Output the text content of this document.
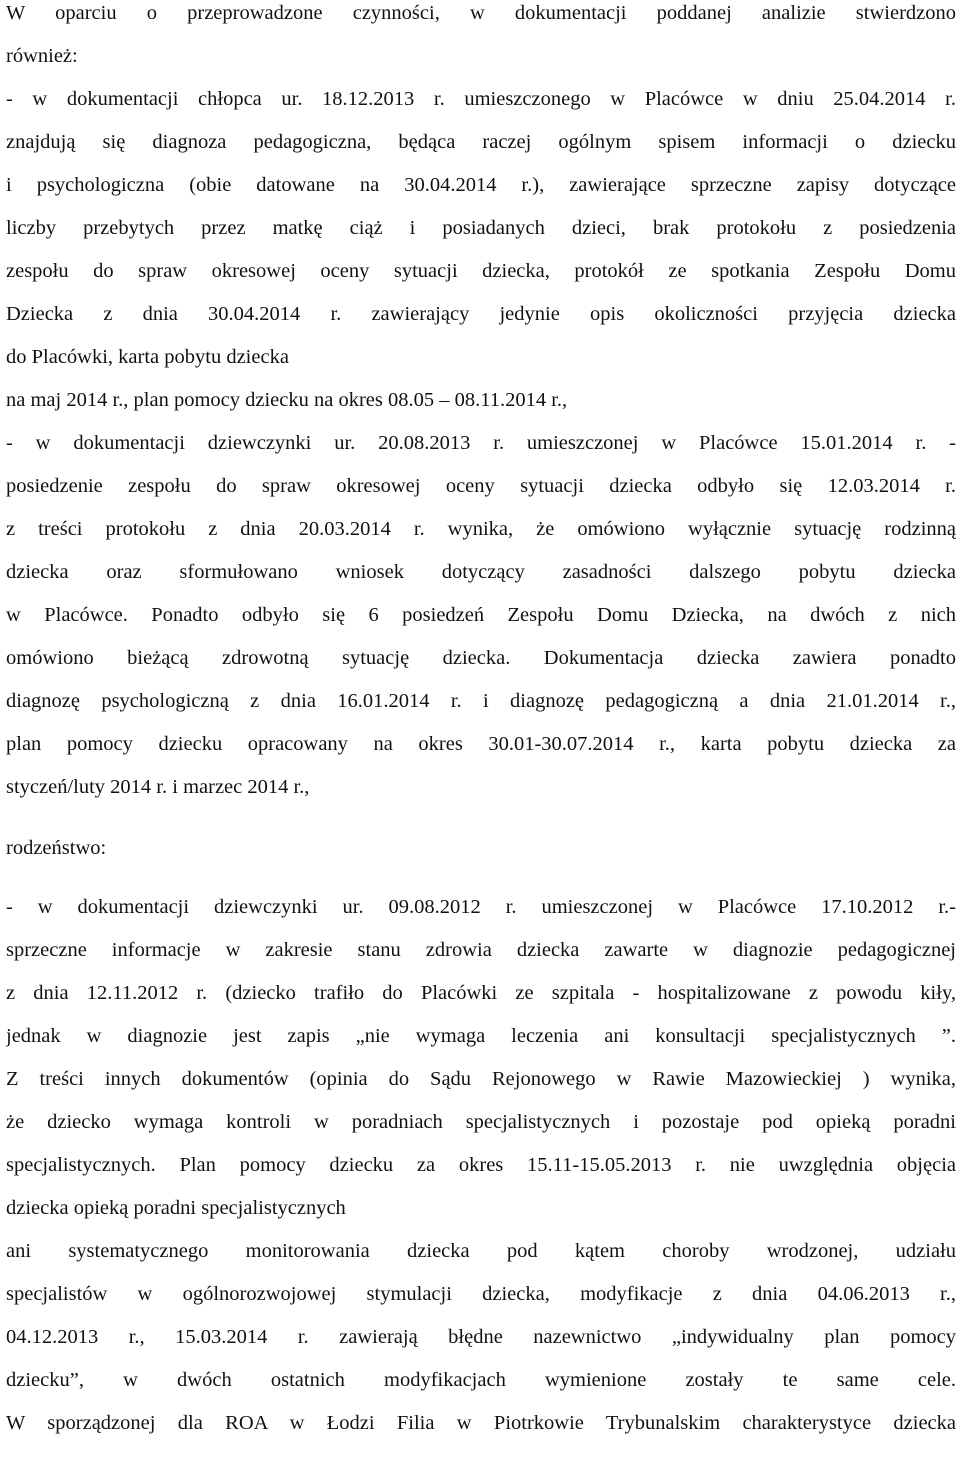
W oparciu o przeprowadzone czynności, w dokumentacji poddanej analizie stwierdzono
również:
- w dokumentacji chłopca ur. 18.12.2013 r. umieszczonego w Placówce w dniu 25.04.2014 r.
znajdują się diagnoza pedagogiczna, będąca raczej ogólnym spisem informacji o dziecku
i psychologiczna (obie datowane na 30.04.2014 r.), zawierające sprzeczne zapisy dotyczące
liczby przebytych przez matkę ciąż i posiadanych dzieci, brak protokołu z posiedzenia
zespołu do spraw okresowej oceny sytuacji dziecka, protokół ze spotkania Zespołu Domu
Dziecka z dnia 30.04.2014 r. zawierający jedynie opis okoliczności przyjęcia dziecka
do Placówki, karta pobytu dziecka
na maj 2014 r., plan pomocy dziecku na okres 08.05 – 08.11.2014 r.,
- w dokumentacji dziewczynki ur. 20.08.2013 r. umieszczonej w Placówce 15.01.2014 r. -
posiedzenie zespołu do spraw okresowej oceny sytuacji dziecka odbyło się 12.03.2014 r.
z treści protokołu z dnia 20.03.2014 r. wynika, że omówiono wyłącznie sytuację rodzinną
dziecka oraz sformułowano wniosek dotyczący zasadności dalszego pobytu dziecka
w Placówce. Ponadto odbyło się 6 posiedzeń Zespołu Domu Dziecka, na dwóch z nich
omówiono bieżącą zdrowotną sytuację dziecka. Dokumentacja dziecka zawiera ponadto
diagnozę psychologiczną z dnia 16.01.2014 r. i diagnozę pedagogiczną a dnia 21.01.2014 r.,
plan pomocy dziecku opracowany na okres 30.01-30.07.2014 r., karta pobytu dziecka za
styczeń/luty 2014 r. i marzec 2014 r.,
rodzeństwo:
- w dokumentacji dziewczynki ur. 09.08.2012 r. umieszczonej w Placówce 17.10.2012 r.-
sprzeczne informacje w zakresie stanu zdrowia dziecka zawarte w diagnozie pedagogicznej
z dnia 12.11.2012 r. (dziecko trafiło do Placówki ze szpitala - hospitalizowane z powodu kiły,
jednak w diagnozie jest zapis „nie wymaga leczenia ani konsultacji specjalistycznych ”.
Z treści innych dokumentów (opinia do Sądu Rejonowego w Rawie Mazowieckiej ) wynika,
że dziecko wymaga kontroli w poradniach specjalistycznych i pozostaje pod opieką poradni
specjalistycznych. Plan pomocy dziecku za okres 15.11-15.05.2013 r. nie uwzględnia objęcia
dziecka opieką poradni specjalistycznych
ani systematycznego monitorowania dziecka pod kątem choroby wrodzonej, udziału
specjalistów w ogólnorozwojowej stymulacji dziecka, modyfikacje z dnia 04.06.2013 r.,
04.12.2013 r., 15.03.2014 r. zawierają błędne nazewnictwo „indywidualny plan pomocy
dziecku”, w dwóch ostatnich modyfikacjach wymienione zostały te same cele.
W sporządzonej dla ROA w Łodzi Filia w Piotrkowie Trybunalskim charakterystyce dziecka
